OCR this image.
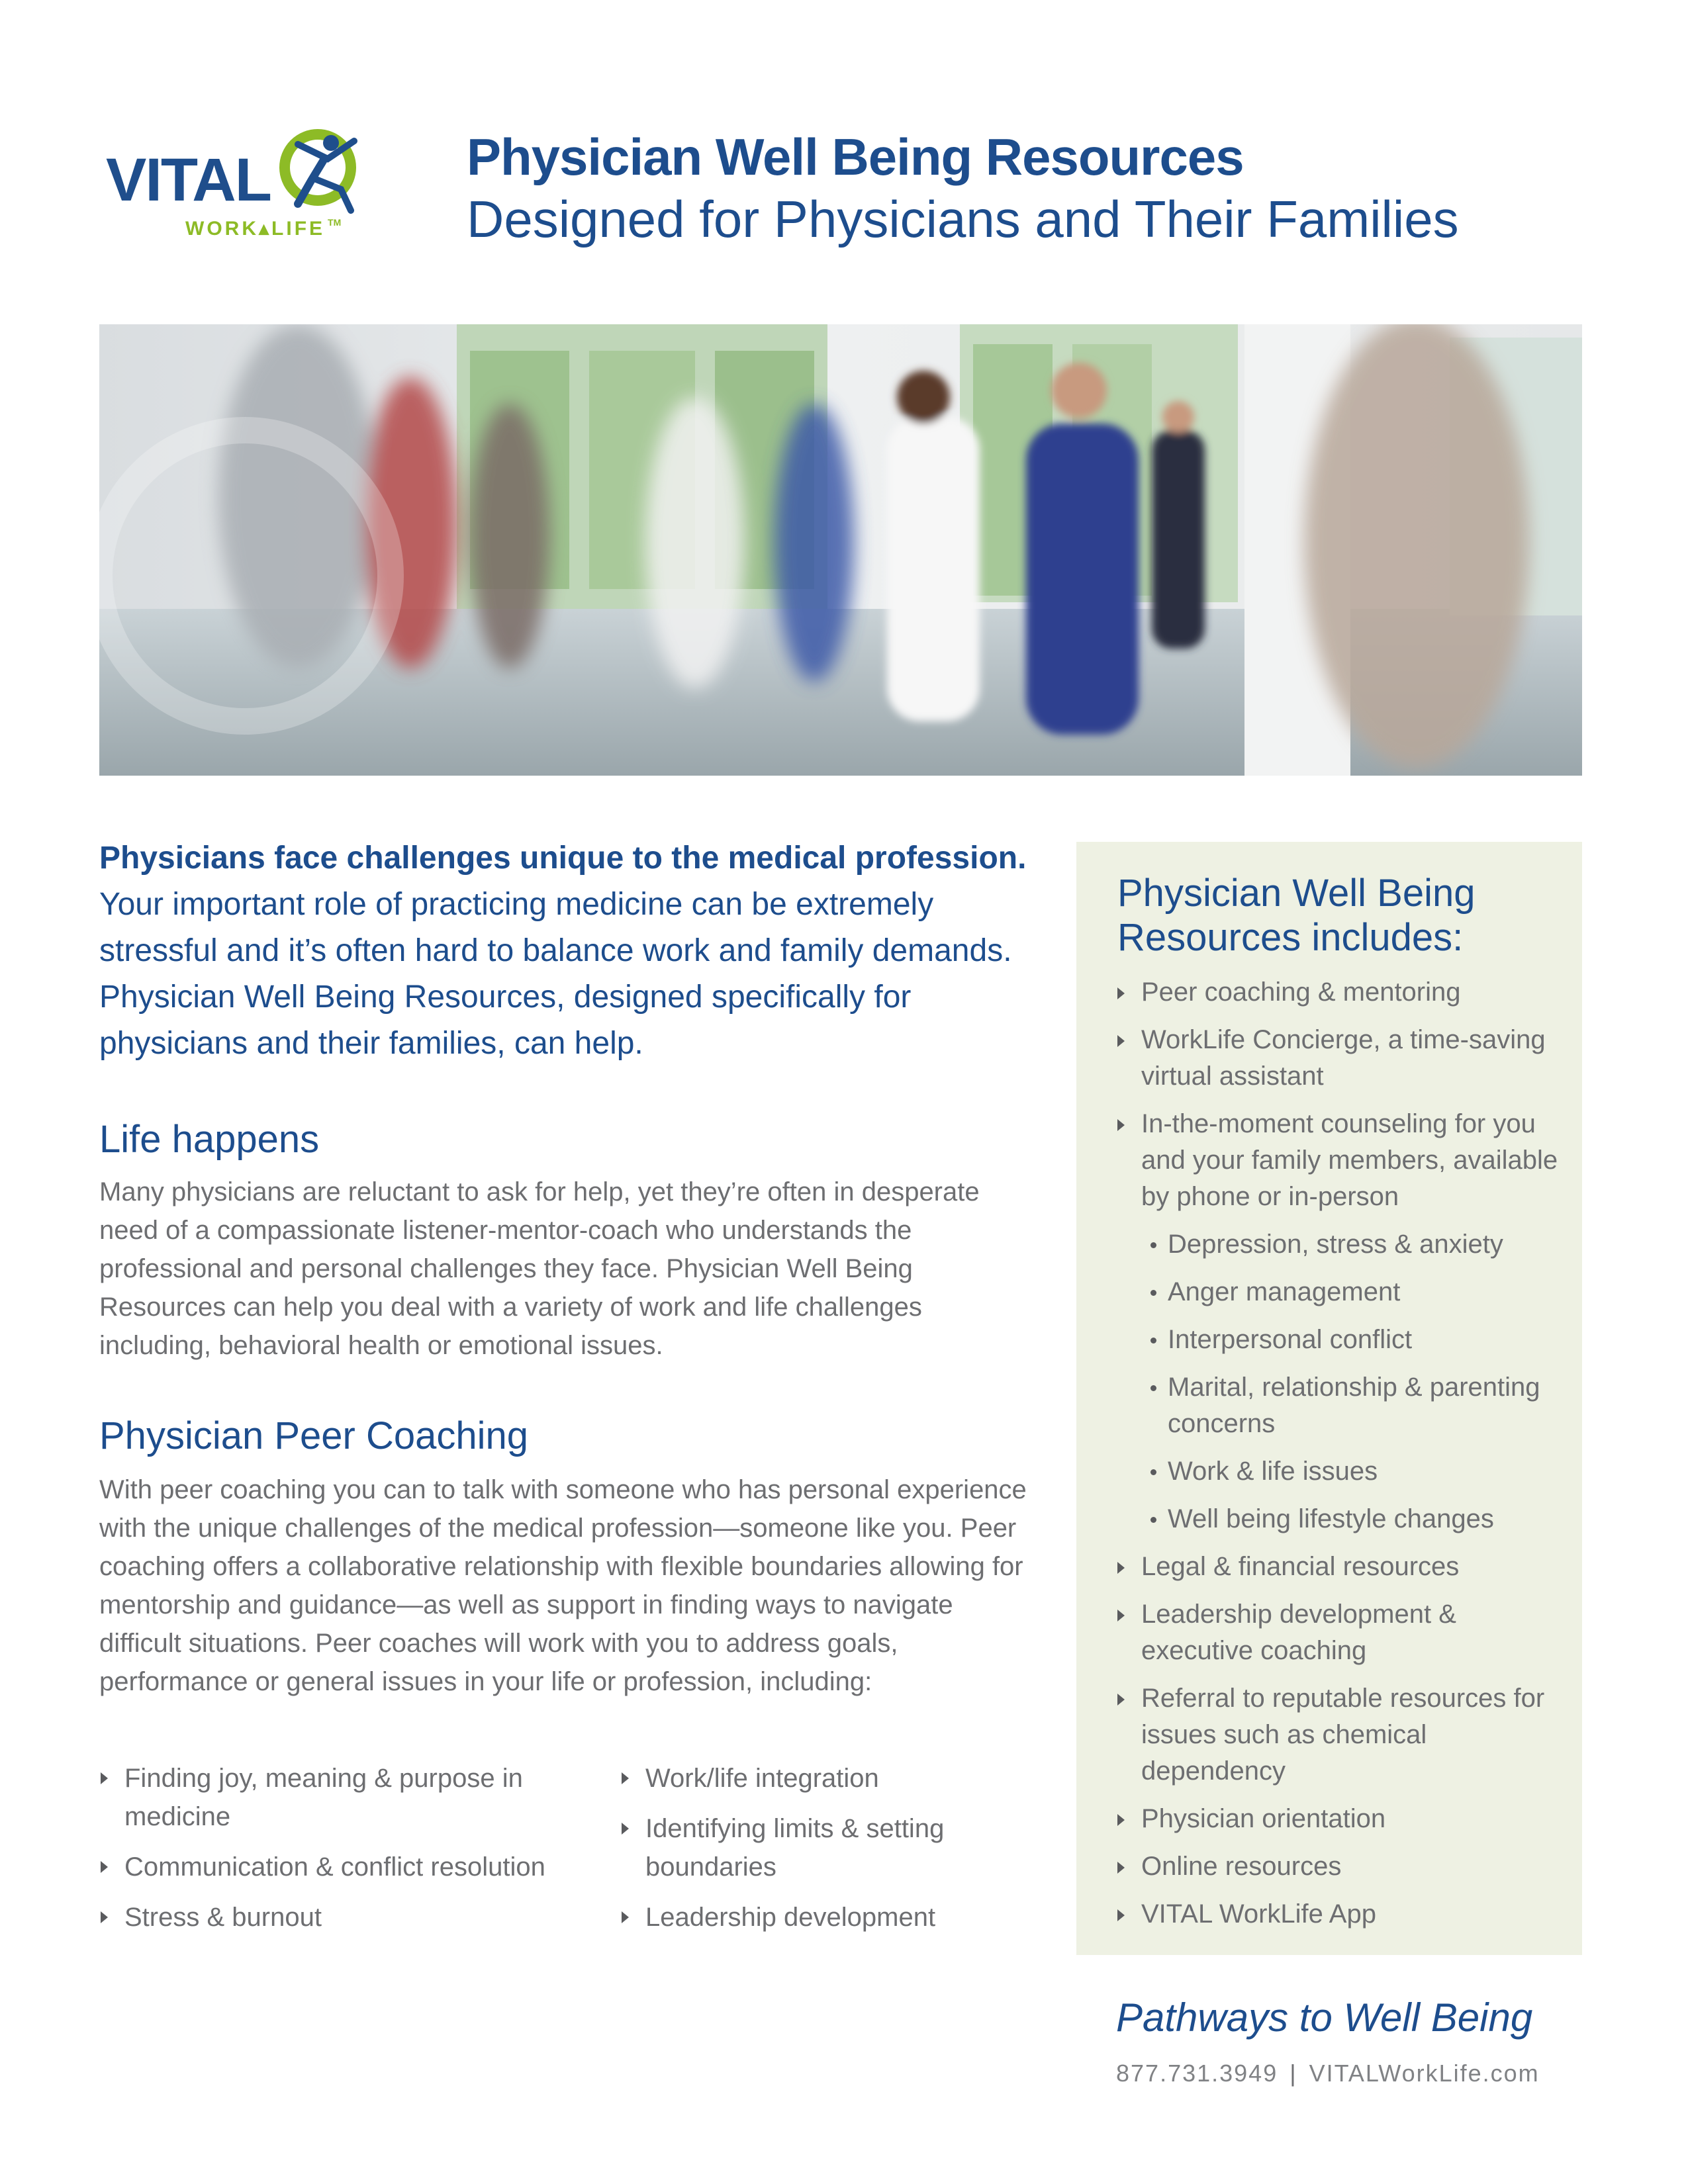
VITAL
WORK▴LIFE ™
Physician Well Being Resources
Designed for Physicians and Their Families
Physicians face challenges unique to the medical profession. Your important role of practicing medicine can be extremely stressful and it’s often hard to balance work and family demands. Physician Well Being Resources, designed specifically for physicians and their families, can help.
Life happens
Many physicians are reluctant to ask for help, yet they’re often in desperate need of a compassionate listener-mentor-coach who understands the professional and personal challenges they face. Physician Well Being Resources can help you deal with a variety of work and life challenges including, behavioral health or emotional issues.
Physician Peer Coaching
With peer coaching you can to talk with someone who has personal experience with the unique challenges of the medical profession—someone like you. Peer coaching offers a collaborative relationship with flexible boundaries allowing for mentorship and guidance—as well as support in finding ways to navigate difficult situations. Peer coaches will work with you to address goals, performance or general issues in your life or profession, including:
Finding joy, meaning & purpose in medicine
Communication & conflict resolution
Stress & burnout
Work/life integration
Identifying limits & setting boundaries
Leadership development
Physician Well Being Resources includes:
Peer coaching & mentoring
WorkLife Concierge, a time-saving virtual assistant
In-the-moment counseling for you and your family members, available by phone or in-person
Depression, stress & anxiety
Anger management
Interpersonal conflict
Marital, relationship & parenting concerns
Work & life issues
Well being lifestyle changes
Legal & financial resources
Leadership development & executive coaching
Referral to reputable resources for issues such as chemical dependency
Physician orientation
Online resources
VITAL WorkLife App
Pathways to Well Being
877.731.3949 | VITALWorkLife.com
